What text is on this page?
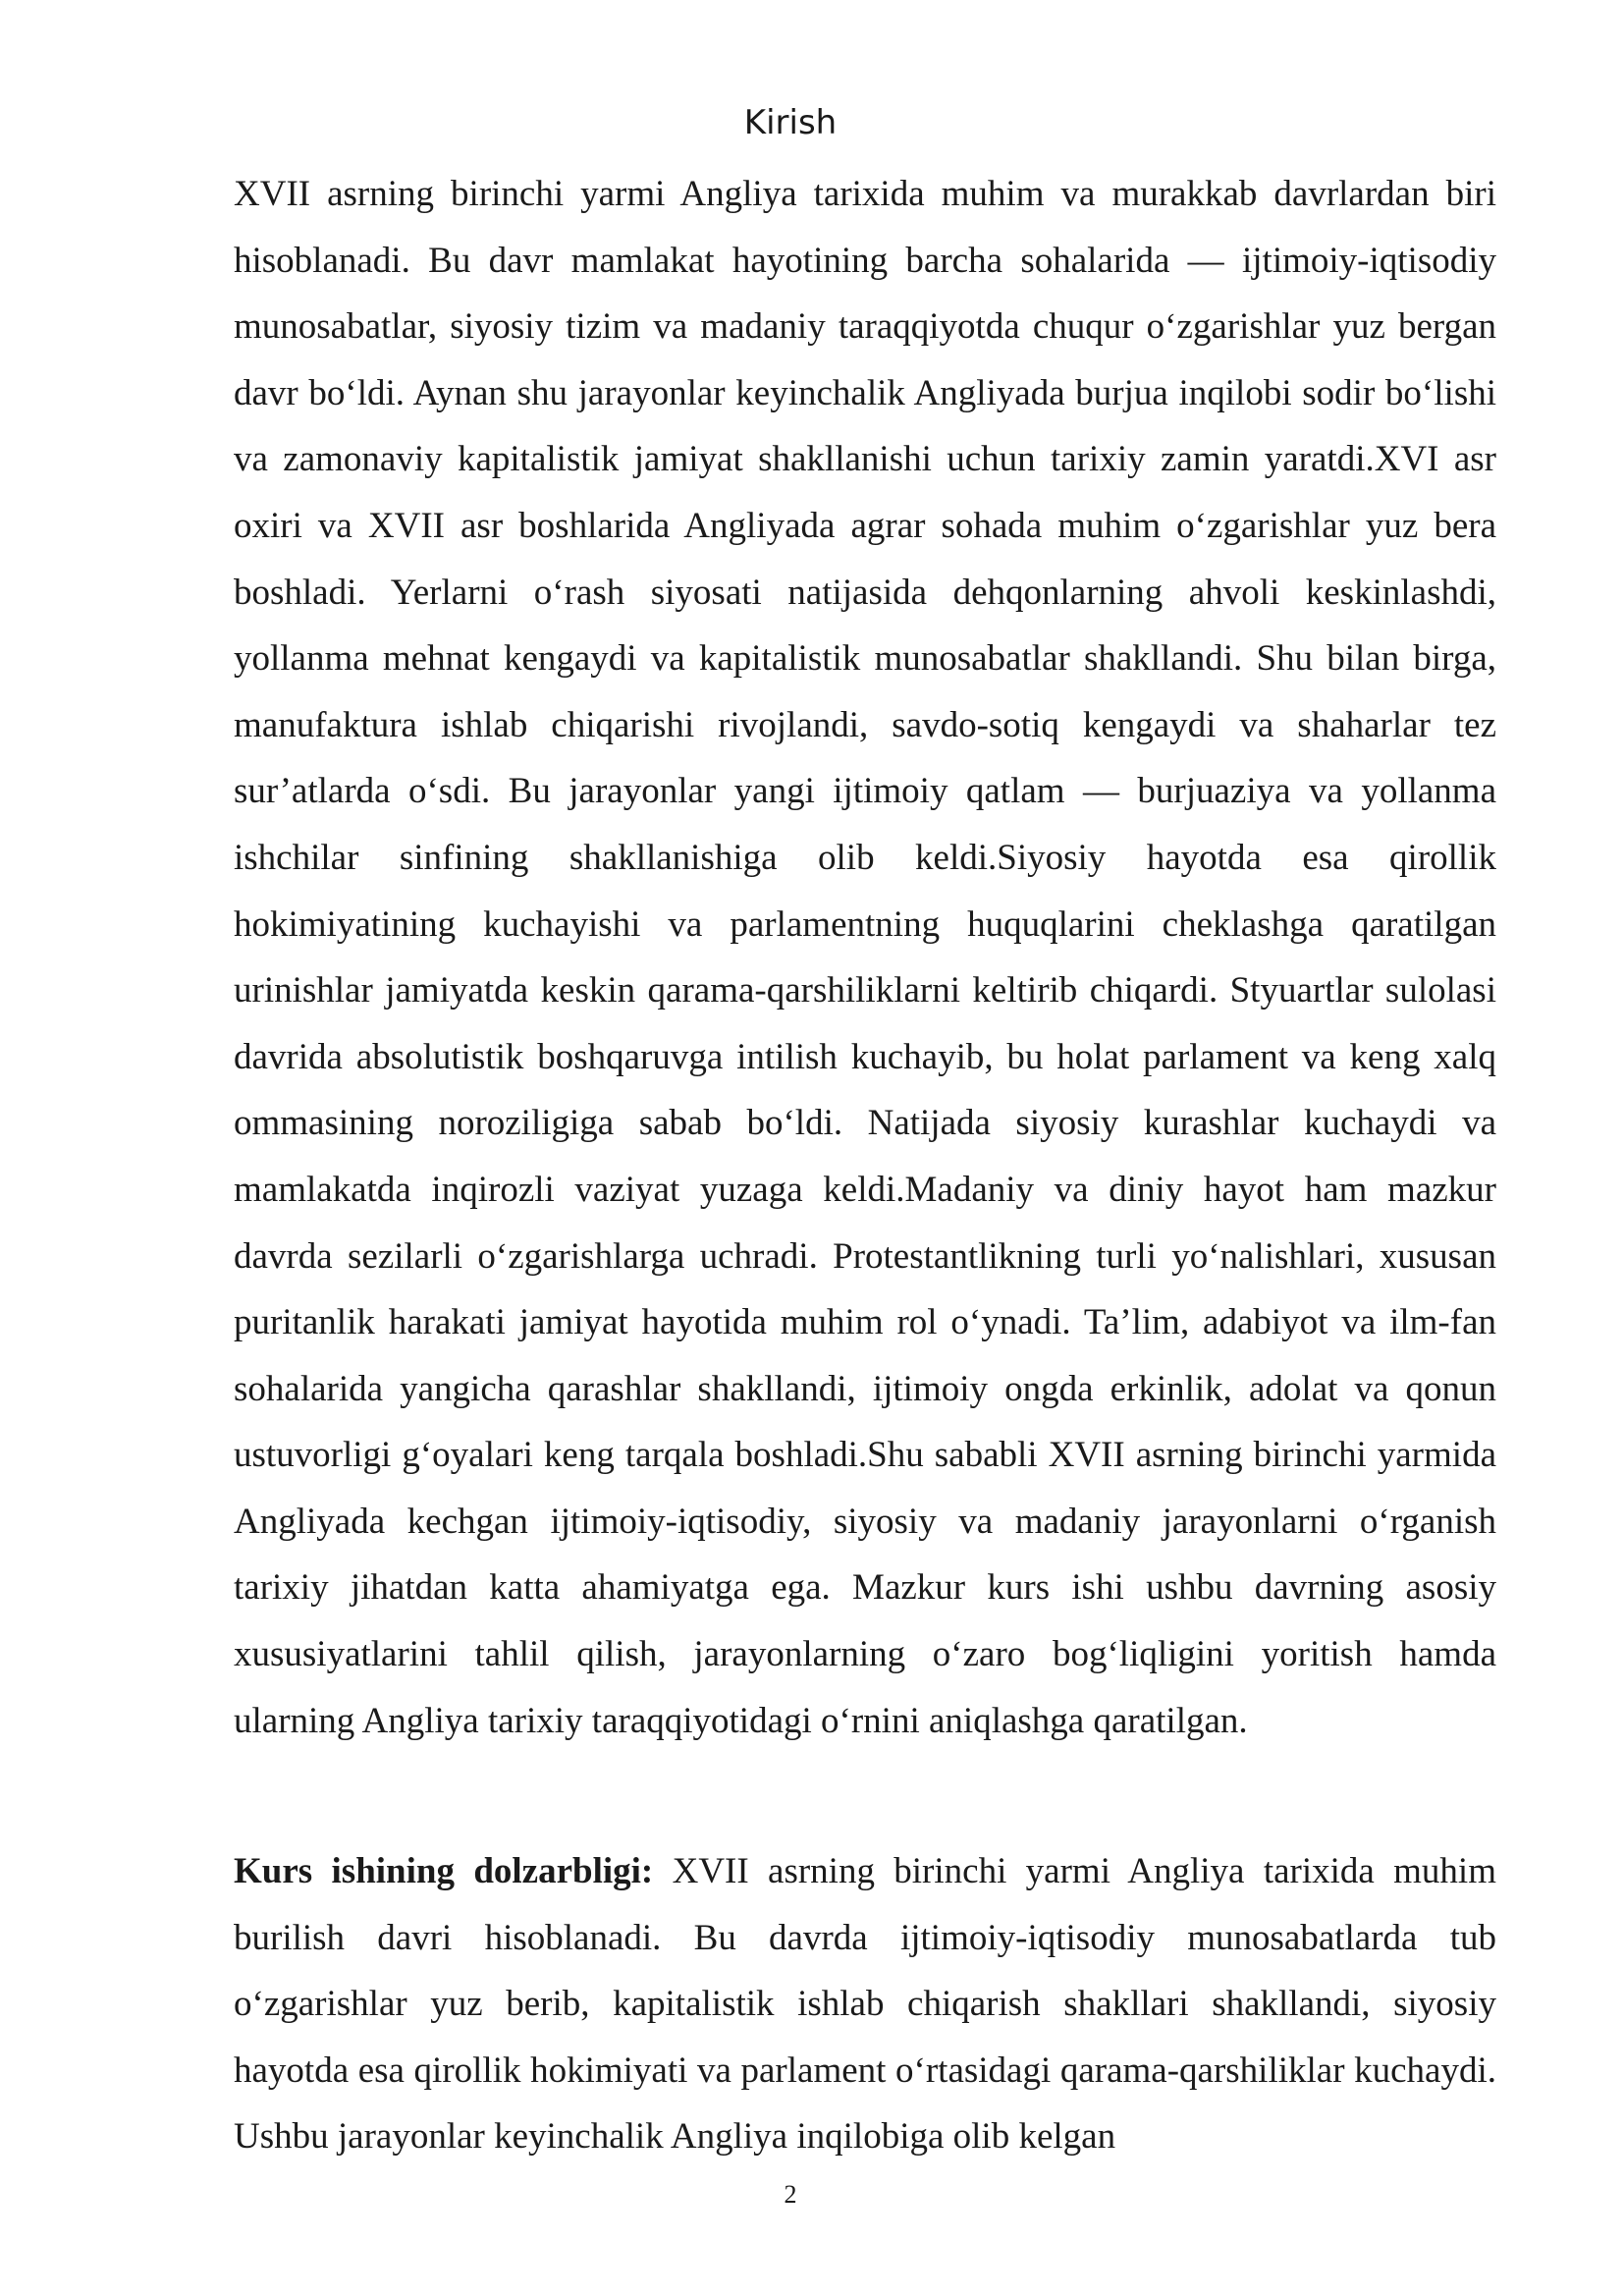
Kirish

XVII asrning birinchi yarmi Angliya tarixida muhim va murakkab davrlardan biri hisoblanadi. Bu davr mamlakat hayotining barcha sohalarida — ijtimoiy-iqtisodiy munosabatlar, siyosiy tizim va madaniy taraqqiyotda chuqur o‘zgarishlar yuz bergan davr bo‘ldi. Aynan shu jarayonlar keyinchalik Angliyada burjua inqilobi sodir bo‘lishi va zamonaviy kapitalistik jamiyat shakllanishi uchun tarixiy zamin yaratdi.XVI asr oxiri va XVII asr boshlarida Angliyada agrar sohada muhim o‘zgarishlar yuz bera boshladi. Yerlarni o‘rash siyosati natijasida dehqonlarning ahvoli keskinlashdi, yollanma mehnat kengaydi va kapitalistik munosabatlar shakllandi. Shu bilan birga, manufaktura ishlab chiqarishi rivojlandi, savdo-sotiq kengaydi va shaharlar tez sur’atlarda o‘sdi. Bu jarayonlar yangi ijtimoiy qatlam — burjuaziya va yollanma ishchilar sinfining shakllanishiga olib keldi.Siyosiy hayotda esa qirollik hokimiyatining kuchayishi va parlamentning huquqlarini cheklashga qaratilgan urinishlar jamiyatda keskin qarama-qarshiliklarni keltirib chiqardi. Styuartlar sulolasi davrida absolutistik boshqaruvga intilish kuchayib, bu holat parlament va keng xalq ommasining noroziligiga sabab bo‘ldi. Natijada siyosiy kurashlar kuchaydi va mamlakatda inqirozli vaziyat yuzaga keldi.Madaniy va diniy hayot ham mazkur davrda sezilarli o‘zgarishlarga uchradi. Protestantlikning turli yo‘nalishlari, xususan puritanlik harakati jamiyat hayotida muhim rol o‘ynadi. Ta’lim, adabiyot va ilm-fan sohalarida yangicha qarashlar shakllandi, ijtimoiy ongda erkinlik, adolat va qonun ustuvorligi g‘oyalari keng tarqala boshladi.Shu sababli XVII asrning birinchi yarmida Angliyada kechgan ijtimoiy-iqtisodiy, siyosiy va madaniy jarayonlarni o‘rganish tarixiy jihatdan katta ahamiyatga ega. Mazkur kurs ishi ushbu davrning asosiy xususiyatlarini tahlil qilish, jarayonlarning o‘zaro bog‘liqligini yoritish hamda ularning Angliya tarixiy taraqqiyotidagi o‘rnini aniqlashga qaratilgan.

Kurs ishining dolzarbligi: XVII asrning birinchi yarmi Angliya tarixida muhim burilish davri hisoblanadi. Bu davrda ijtimoiy-iqtisodiy munosabatlarda tub o‘zgarishlar yuz berib, kapitalistik ishlab chiqarish shakllari shakllandi, siyosiy hayotda esa qirollik hokimiyati va parlament o‘rtasidagi qarama-qarshiliklar kuchaydi. Ushbu jarayonlar keyinchalik Angliya inqilobiga olib kelgan

2
